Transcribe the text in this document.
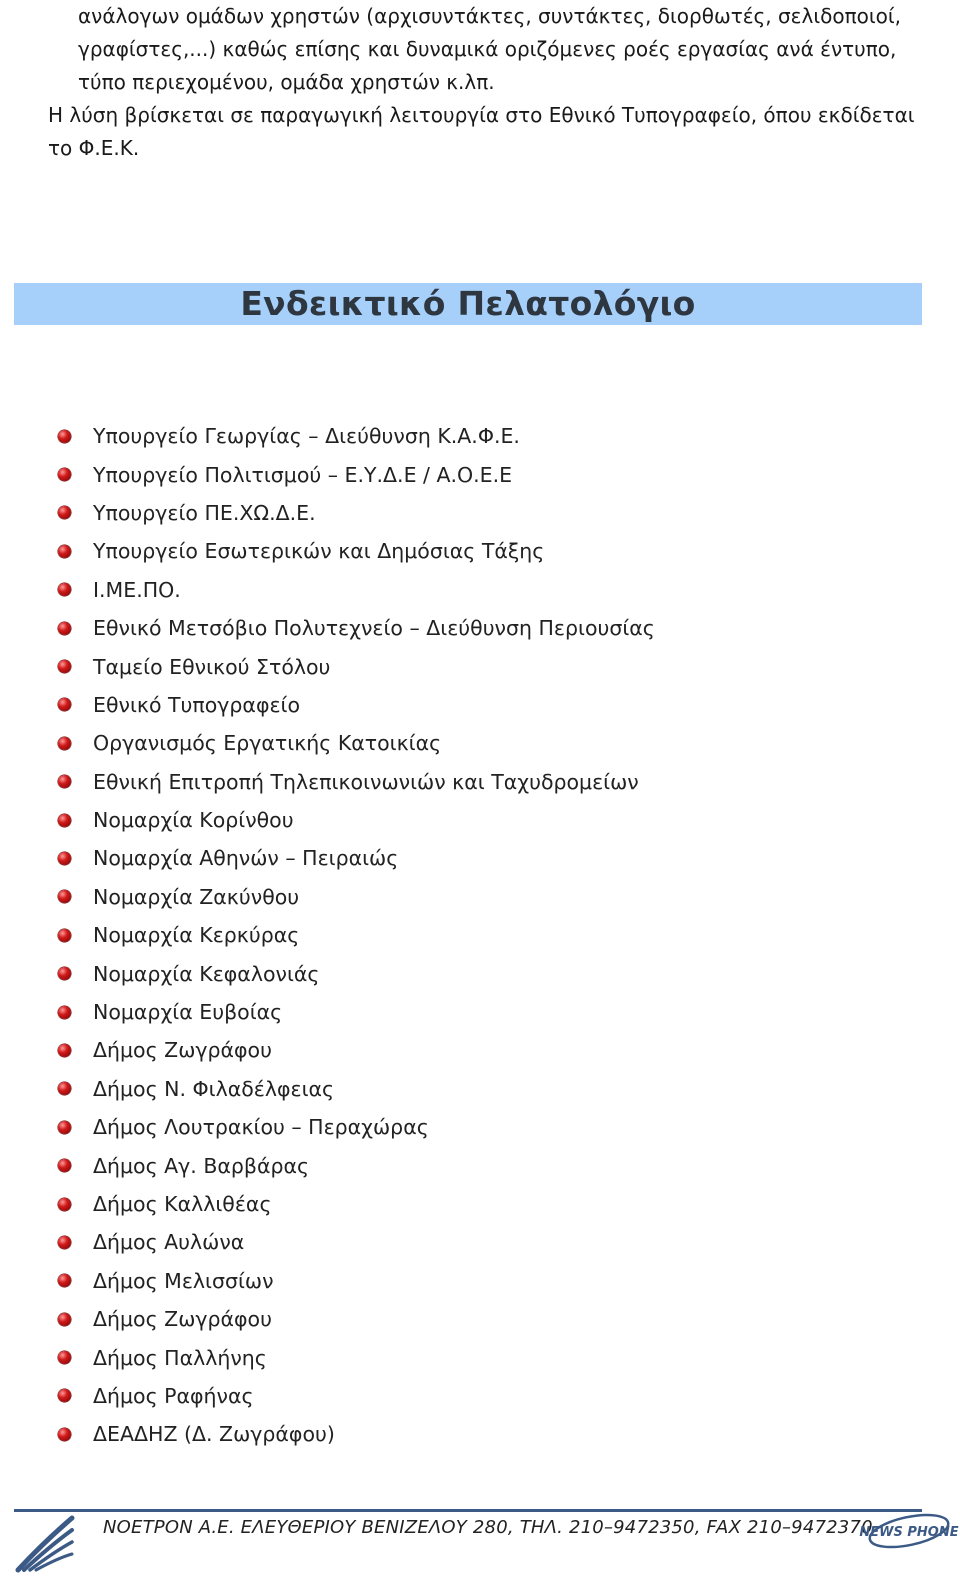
ανάλογων ομάδων χρηστών (αρχισυντάκτες, συντάκτες, διορθωτές, σελιδοποιοί, γραφίστες,...) καθώς επίσης και δυναμικά οριζόμενες ροές εργασίας ανά έντυπο, τύπο περιεχομένου, ομάδα χρηστών κ.λπ.

Η λύση βρίσκεται σε παραγωγική λειτουργία στο Εθνικό Τυπογραφείο, όπου εκδίδεται το Φ.Ε.Κ.

Ενδεικτικό Πελατολόγιο
Υπουργείο Γεωργίας – Διεύθυνση Κ.Α.Φ.Ε.
Υπουργείο Πολιτισμού – Ε.Υ.Δ.Ε / Α.Ο.Ε.Ε
Υπουργείο ΠΕ.ΧΩ.Δ.Ε.
Υπουργείο Εσωτερικών και Δημόσιας Τάξης
Ι.ΜΕ.ΠΟ.
Εθνικό Μετσόβιο Πολυτεχνείο – Διεύθυνση Περιουσίας
Ταμείο Εθνικού Στόλου
Εθνικό Τυπογραφείο
Οργανισμός Εργατικής Κατοικίας
Εθνική Επιτροπή Τηλεπικοινωνιών και Ταχυδρομείων
Νομαρχία Κορίνθου
Νομαρχία Αθηνών – Πειραιώς
Νομαρχία Ζακύνθου
Νομαρχία Κερκύρας
Νομαρχία Κεφαλονιάς
Νομαρχία Ευβοίας
Δήμος Ζωγράφου
Δήμος Ν. Φιλαδέλφειας
Δήμος Λουτρακίου – Περαχώρας
Δήμος Αγ. Βαρβάρας
Δήμος Καλλιθέας
Δήμος Αυλώνα
Δήμος Μελισσίων
Δήμος Ζωγράφου
Δήμος Παλλήνης
Δήμος Ραφήνας
ΔΕΑΔΗΖ (Δ. Ζωγράφου)
ΝΟΕΤΡΟΝ Α.Ε. ΕΛΕΥΘΕΡΙΟΥ ΒΕΝΙΖΕΛΟΥ 280, ΤΗΛ. 210–9472350, FAX 210–9472370
NEWS PHONE
